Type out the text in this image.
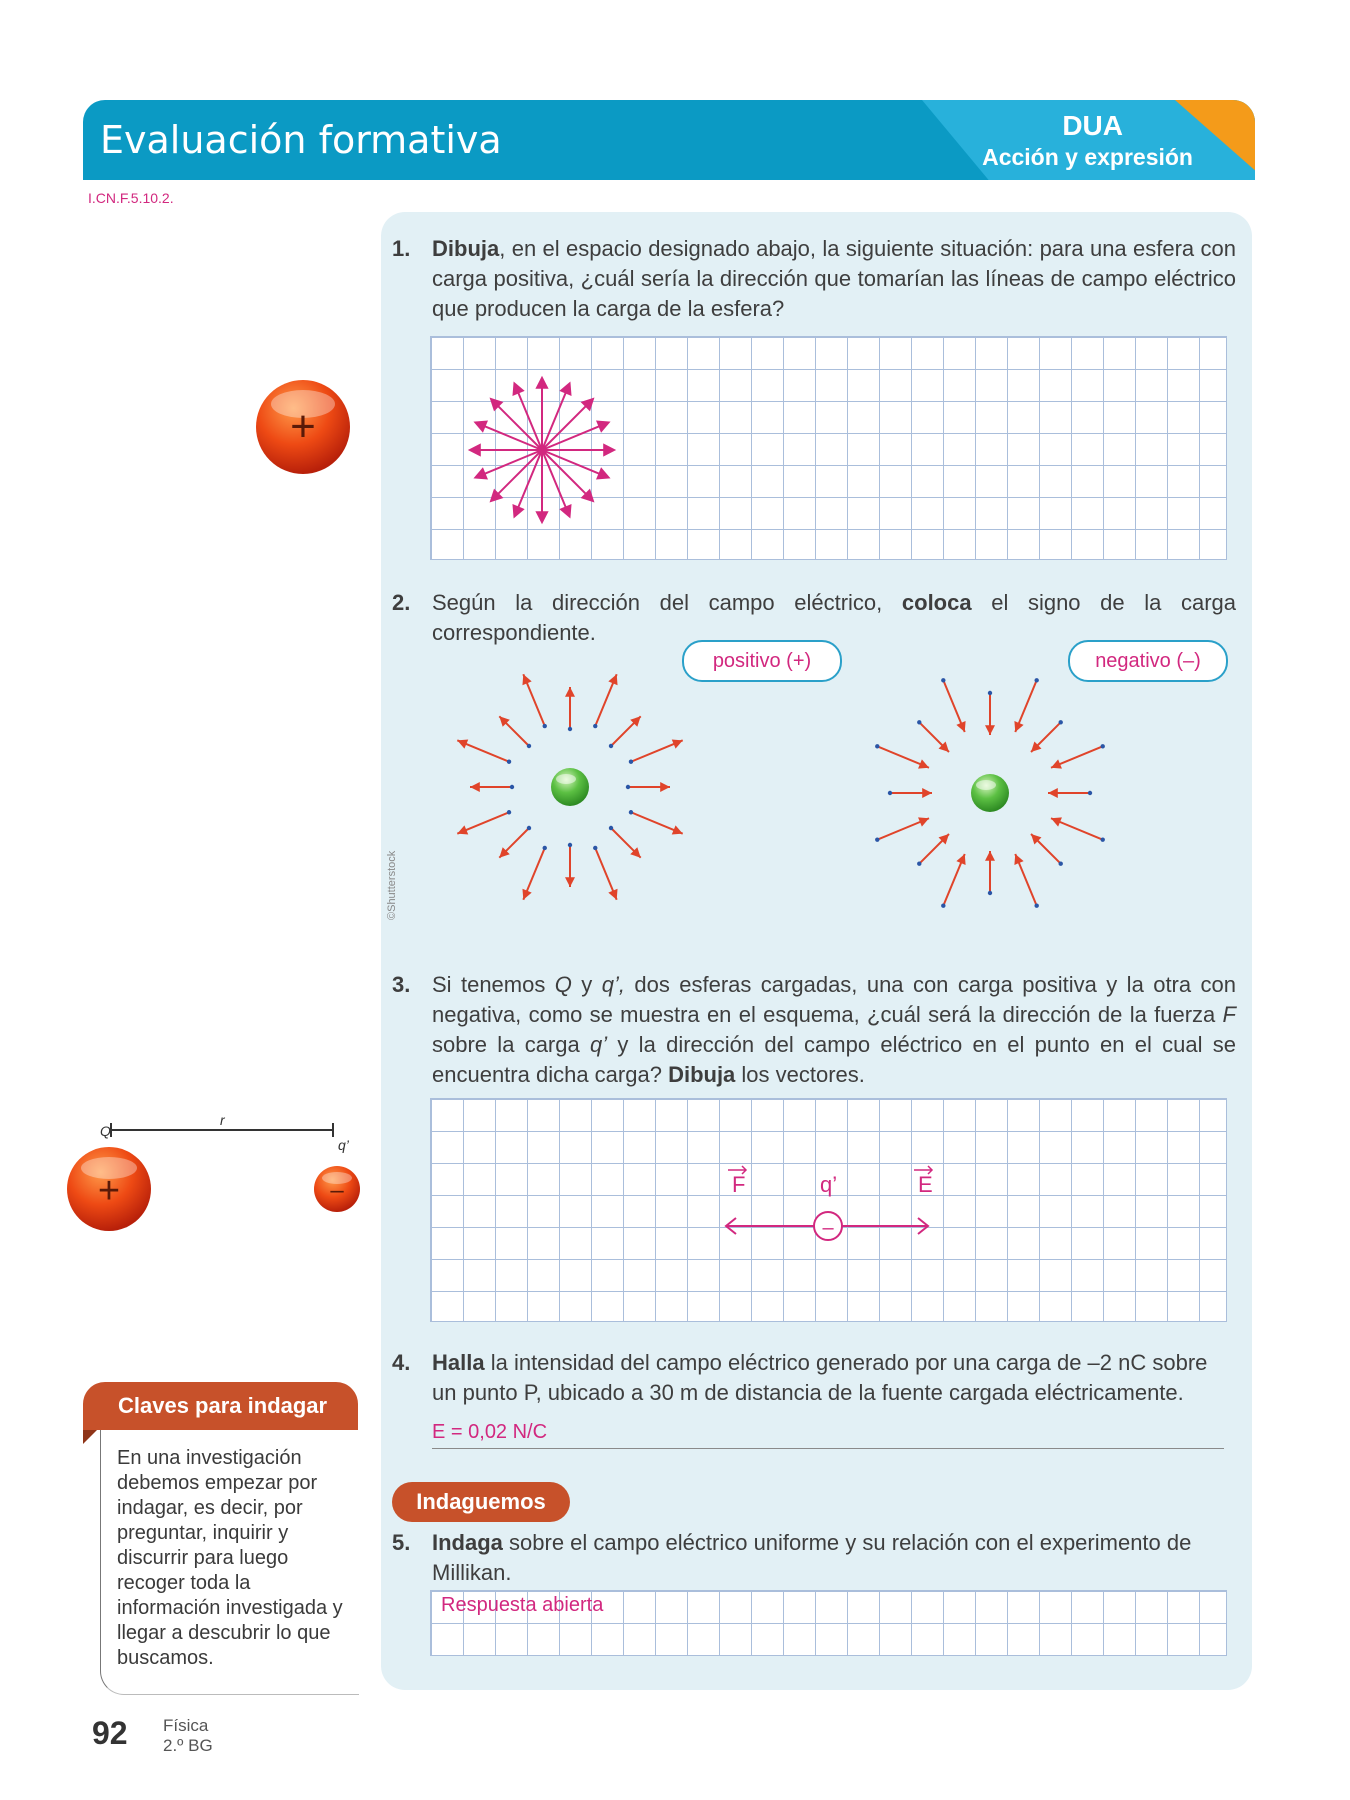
Evaluación formativa	DUA
Acción y expresión
I.CN.F.5.10.2.
+
1. Dibuja, en el espacio designado abajo, la siguiente situación: para una esfera con carga positiva, ¿cuál sería la dirección que tomarían las líneas de campo eléctrico que producen la carga de la esfera?
2. Según la dirección del campo eléctrico, coloca el signo de la carga correspondiente.
positivo (+)	negativo (–)
©Shutterstock
3. Si tenemos Q y q’, dos esferas cargadas, una con carga positiva y la otra con negativa, como se muestra en el esquema, ¿cuál será la dirección de la fuerza F sobre la carga q’ y la dirección del campo eléctrico en el punto en el cual se encuentra dicha carga? Dibuja los vectores.
Q
r
q’
+	–	F	E
q’
–
4. Halla la intensidad del campo eléctrico generado por una carga de –2 nC sobre un punto P, ubicado a 30 m de distancia de la fuente cargada eléctricamente.
E = 0,02 N/C
Claves para indagar
En una investigación debemos empezar por indagar, es decir, por preguntar, inquirir y discurrir para luego recoger toda la información investigada y llegar a descubrir lo que buscamos.
Indaguemos
5. Indaga sobre el campo eléctrico uniforme y su relación con el experimento de Millikan.
Respuesta abierta
92 Física
2.º BG
